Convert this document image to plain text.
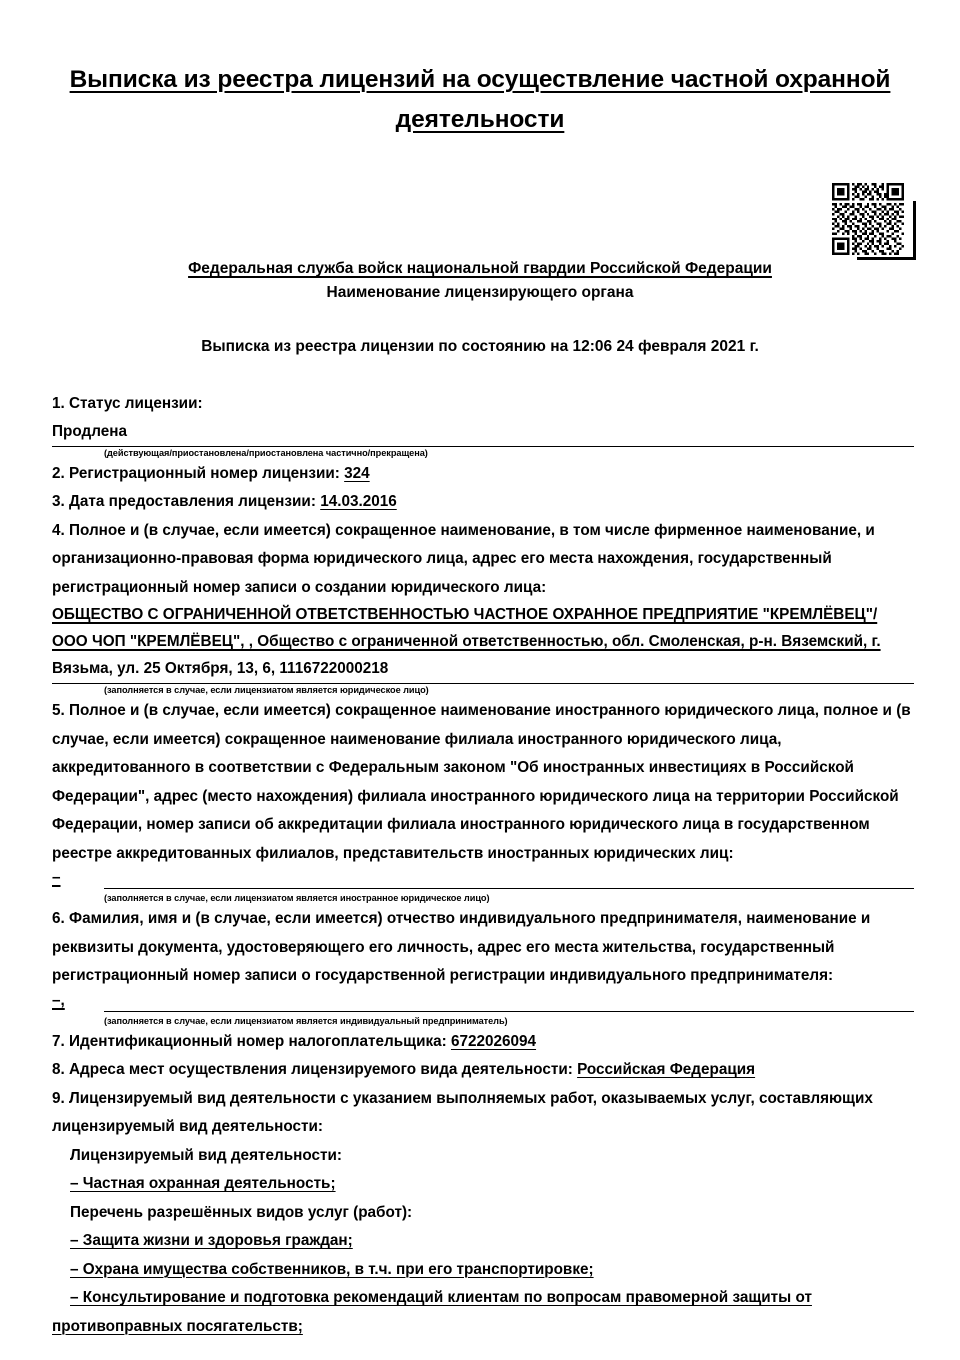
Выписка из реестра лицензий на осуществление частной охранной деятельности
Федеральная служба войск национальной гвардии Российской Федерации
Наименование лицензирующего органа
Выписка из реестра лицензии по состоянию на 12:06 24 февраля 2021 г.

1. Статус лицензии:

Продлена

(действующая/приостановлена/приостановлена частично/прекращена)

2. Регистрационный номер лицензии: 324

3. Дата предоставления лицензии: 14.03.2016

4. Полное и (в случае, если имеется) сокращенное наименование, в том числе фирменное наименование, и организационно-правовая форма юридического лица, адрес его места нахождения, государственный регистрационный номер записи о создании юридического лица:

ОБЩЕСТВО С ОГРАНИЧЕННОЙ ОТВЕТСТВЕННОСТЬЮ ЧАСТНОЕ ОХРАННОЕ ПРЕДПРИЯТИЕ "КРЕМЛЁВЕЦ"/
ООО ЧОП "КРЕМЛЁВЕЦ", , Общество с ограниченной ответственностью, обл. Смоленская, р-н. Вяземский, г.
Вязьма, ул. 25 Октября, 13, 6, 1116722000218

(заполняется в случае, если лицензиатом является юридическое лицо)

5. Полное и (в случае, если имеется) сокращенное наименование иностранного юридического лица, полное и (в случае, если имеется) сокращенное наименование филиала иностранного юридического лица, аккредитованного в соответствии с Федеральным законом "Об иностранных инвестициях в Российской Федерации", адрес (место нахождения) филиала иностранного юридического лица на территории Российской Федерации, номер записи об аккредитации филиала иностранного юридического лица в государственном реестре аккредитованных филиалов, представительств иностранных юридических лиц:

–

(заполняется в случае, если лицензиатом является иностранное юридическое лицо)

6. Фамилия, имя и (в случае, если имеется) отчество индивидуального предпринимателя, наименование и реквизиты документа, удостоверяющего его личность, адрес его места жительства, государственный регистрационный номер записи о государственной регистрации индивидуального предпринимателя:

–,

(заполняется в случае, если лицензиатом является индивидуальный предприниматель)

7. Идентификационный номер налогоплательщика: 6722026094

8. Адреса мест осуществления лицензируемого вида деятельности: Российская Федерация

9. Лицензируемый вид деятельности с указанием выполняемых работ, оказываемых услуг, составляющих лицензируемый вид деятельности:

Лицензируемый вид деятельности:

– Частная охранная деятельность;

Перечень разрешённых видов услуг (работ):

– Защита жизни и здоровья граждан;

– Охрана имущества собственников, в т.ч. при его транспортировке;

– Консультирование и подготовка рекомендаций клиентам по вопросам правомерной защиты от

противоправных посягательств;
